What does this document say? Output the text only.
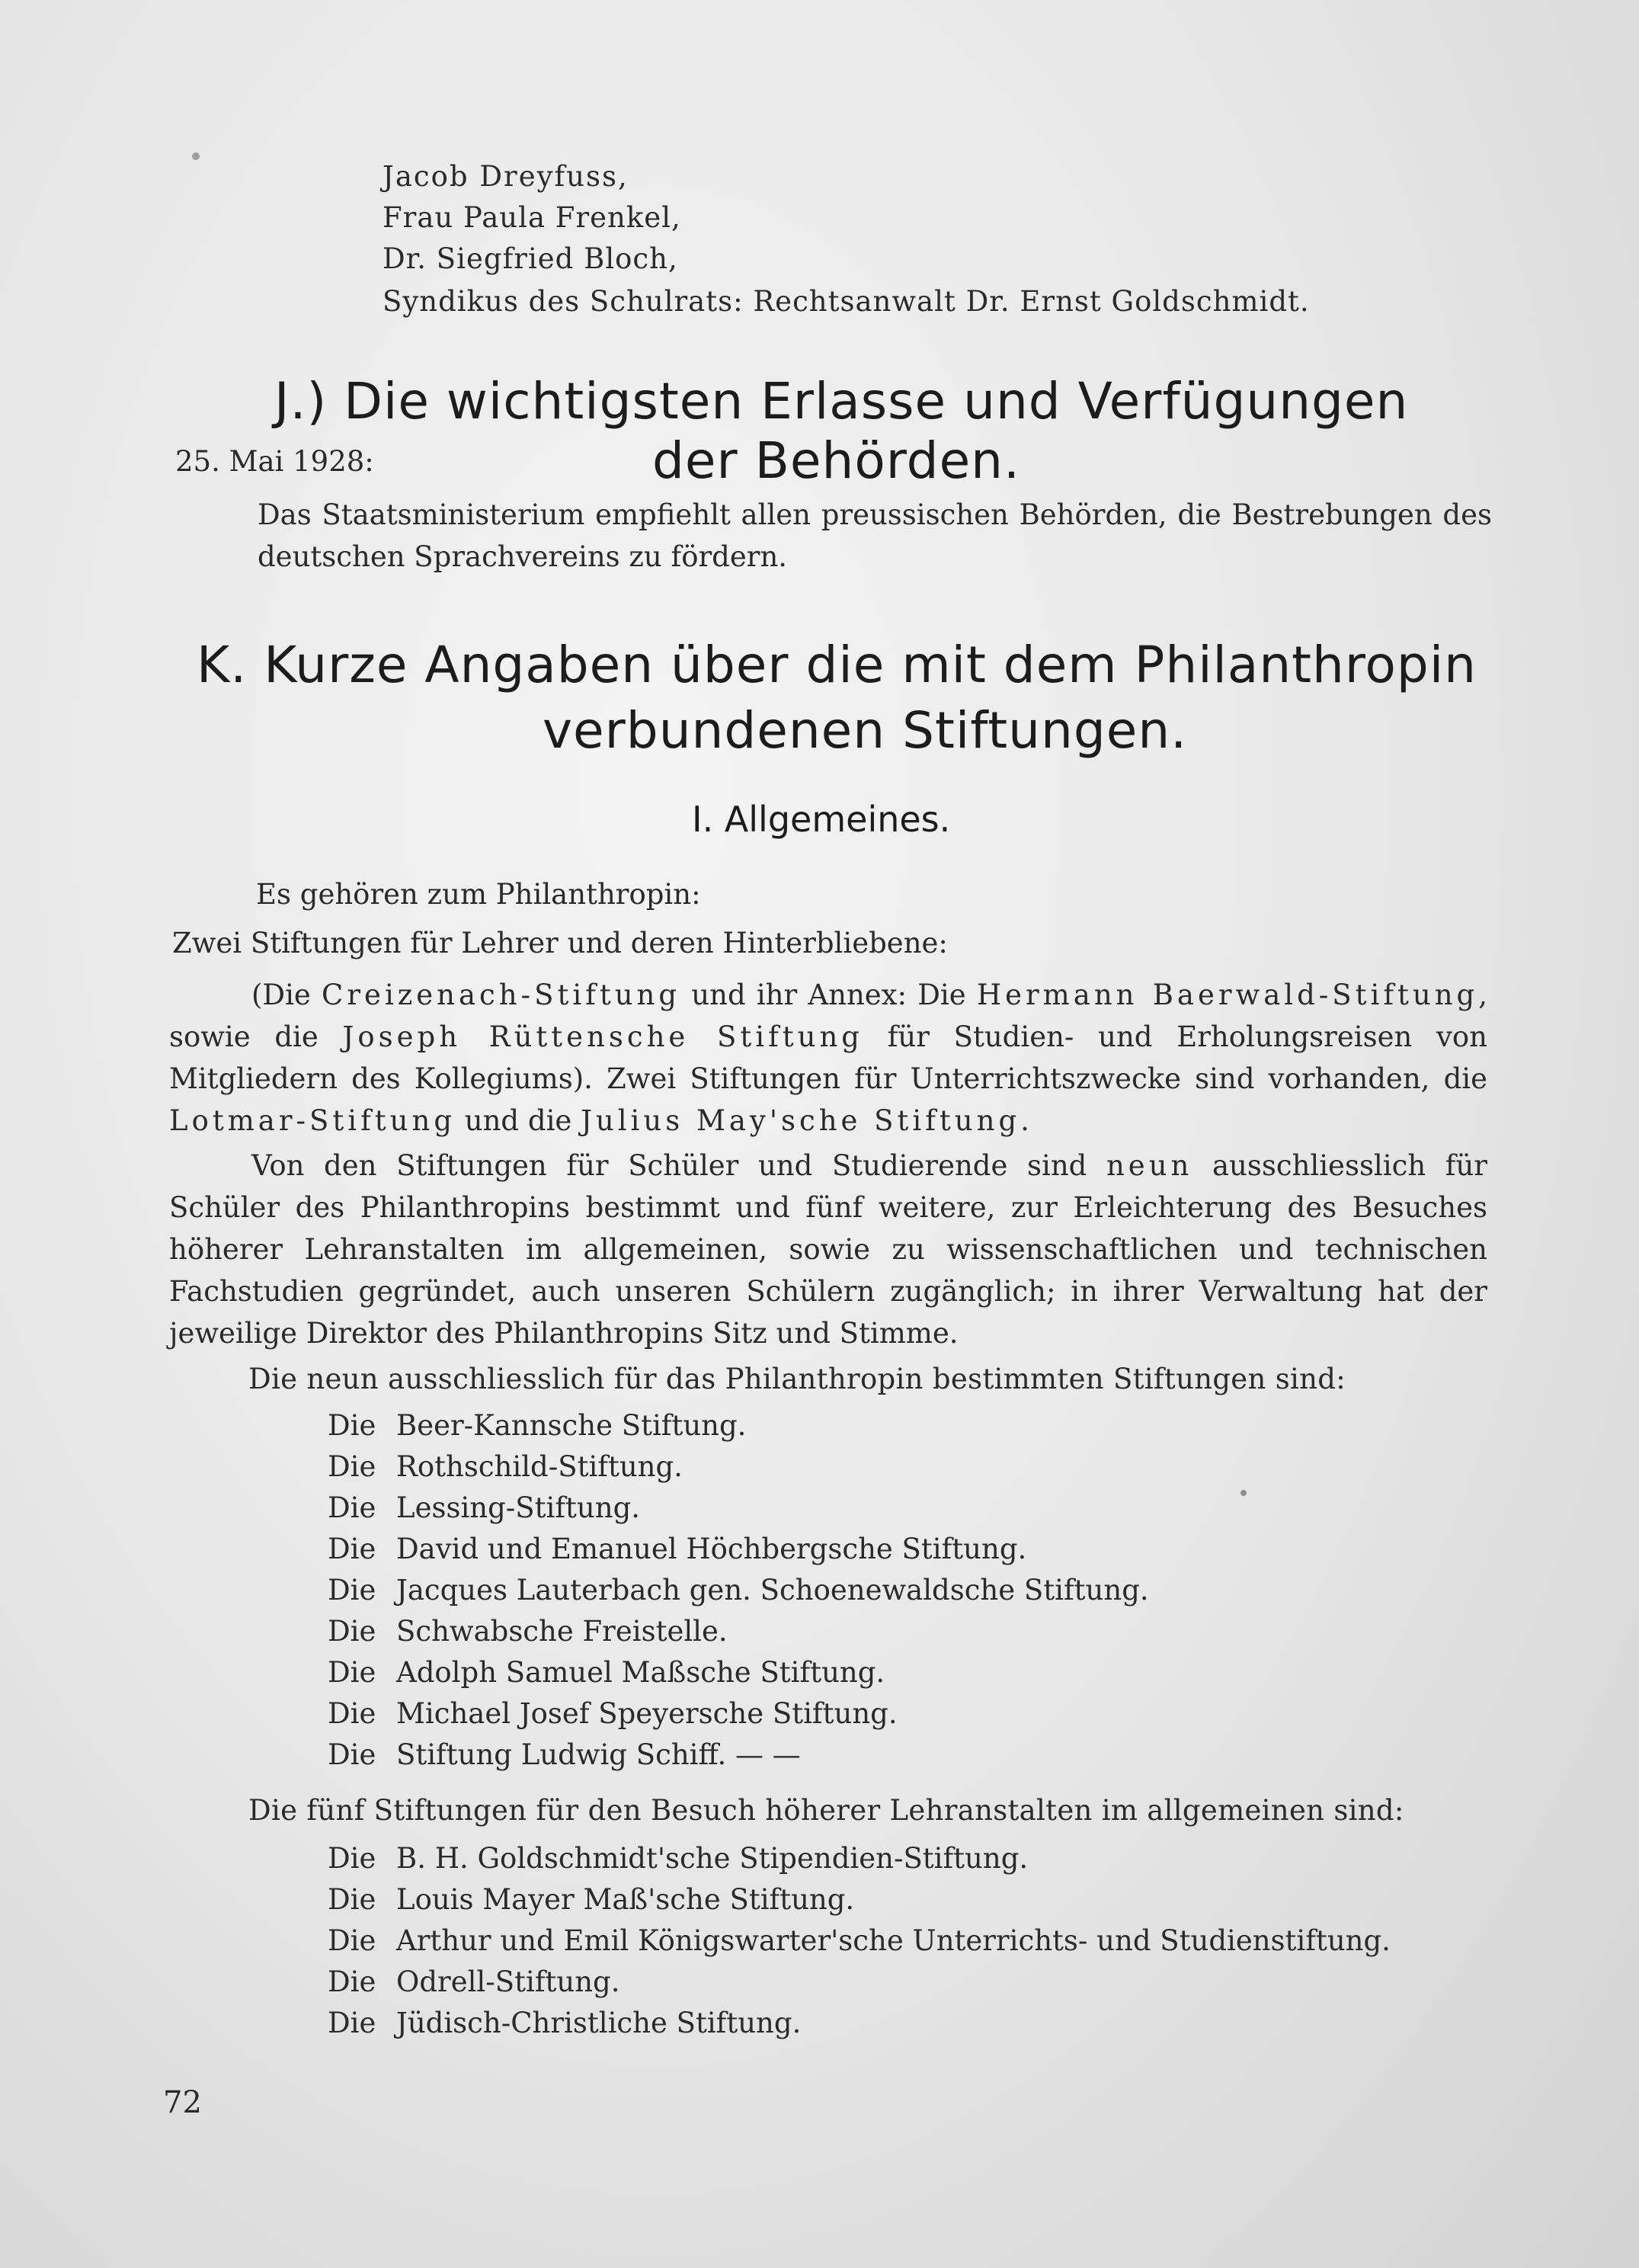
Jacob Dreyfuss,
Frau Paula Frenkel,
Dr. Siegfried Bloch,
Syndikus des Schulrats: Rechtsanwalt Dr. Ernst Goldschmidt.
J.) Die wichtigsten Erlasse und Verfügungen
25. Mai 1928:	der Behörden.
Das Staatsministerium empfiehlt allen preussischen Behörden, die Bestrebungen des deutschen Sprachvereins zu fördern.
K. Kurze Angaben über die mit dem Philanthropin
verbundenen Stiftungen.
I. Allgemeines.
Es gehören zum Philanthropin:
Zwei Stiftungen für Lehrer und deren Hinterbliebene:

(Die Creizenach-Stiftung und ihr Annex: Die Hermann Baerwald-Stiftung, sowie die Joseph Rüttensche Stiftung für Studien- und Erholungsreisen von Mitgliedern des Kollegiums). Zwei Stiftungen für Unterrichtszwecke sind vorhanden, die Lotmar-Stiftung und die Julius May'sche Stiftung.

Von den Stiftungen für Schüler und Studierende sind neun ausschliesslich für Schüler des Philanthropins bestimmt und fünf weitere, zur Erleichterung des Besuches höherer Lehranstalten im allgemeinen, sowie zu wissenschaftlichen und technischen Fachstudien gegründet, auch unseren Schülern zugänglich; in ihrer Verwaltung hat der jeweilige Direktor des Philanthropins Sitz und Stimme.

Die neun ausschliesslich für das Philanthropin bestimmten Stiftungen sind:
Die Beer-Kannsche Stiftung.
Die Rothschild-Stiftung.
Die Lessing-Stiftung.
Die David und Emanuel Höchbergsche Stiftung.
Die Jacques Lauterbach gen. Schoenewaldsche Stiftung.
Die Schwabsche Freistelle.
Die Adolph Samuel Maßsche Stiftung.
Die Michael Josef Speyersche Stiftung.
Die Stiftung Ludwig Schiff. — —
Die fünf Stiftungen für den Besuch höherer Lehranstalten im allgemeinen sind:
Die B. H. Goldschmidt'sche Stipendien-Stiftung.
Die Louis Mayer Maß'sche Stiftung.
Die Arthur und Emil Königswarter'sche Unterrichts- und Studienstiftung.
Die Odrell-Stiftung.
Die Jüdisch-Christliche Stiftung.
72
